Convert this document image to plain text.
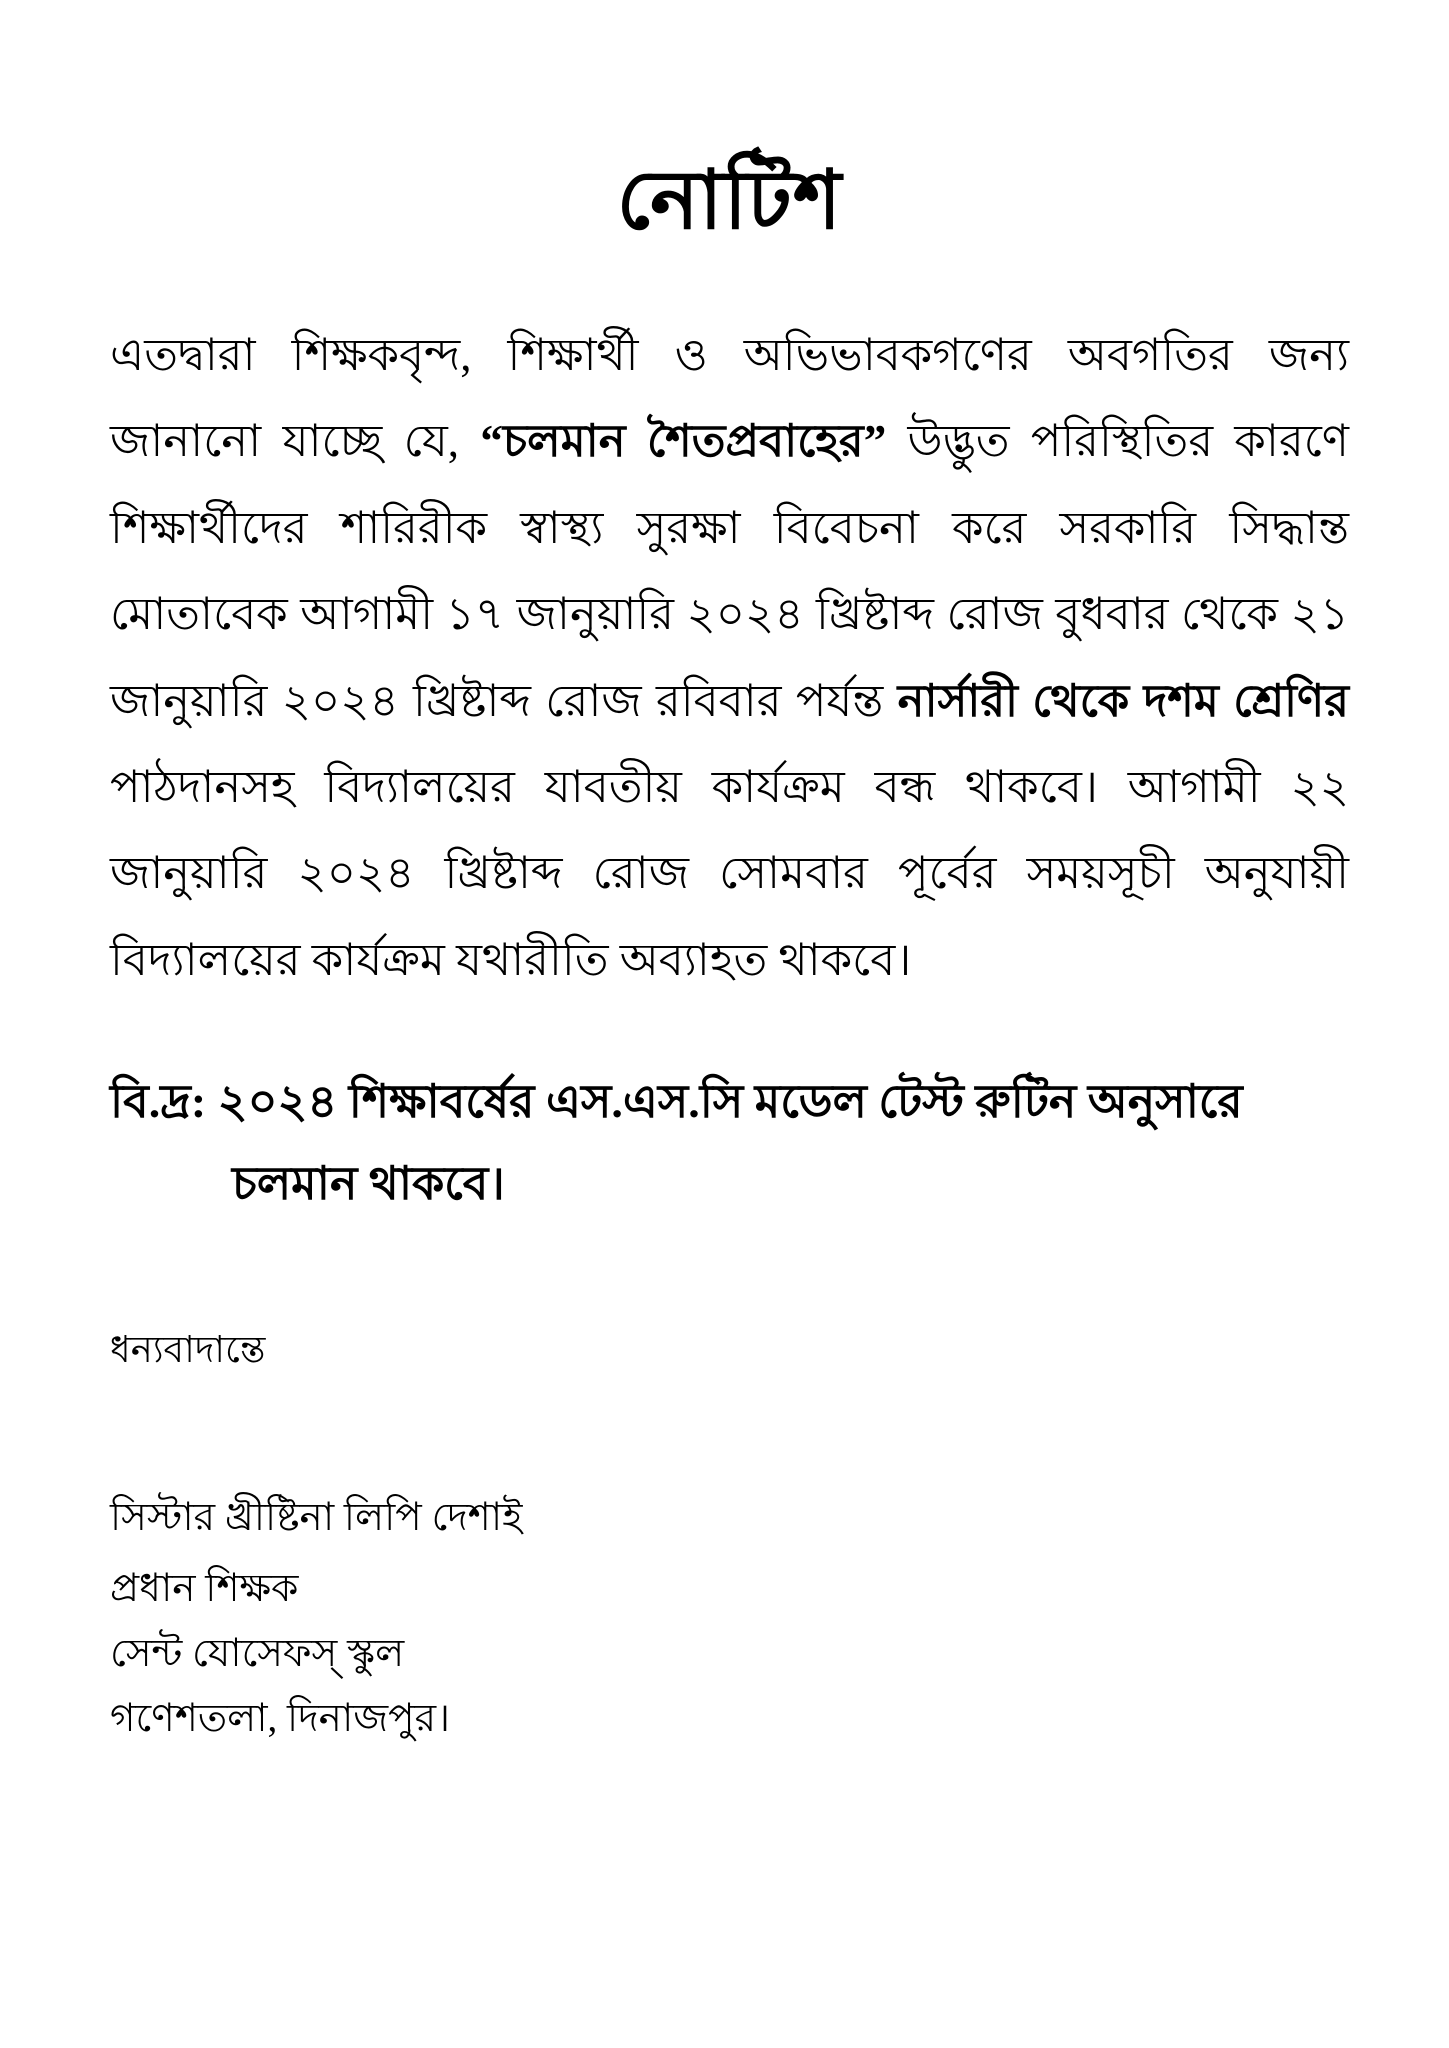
নোটিশ

এতদ্বারা শিক্ষকবৃন্দ, শিক্ষার্থী ও অভিভাবকগণের অবগতির জন্য জানানো যাচ্ছে যে, “চলমান শৈতপ্রবাহের” উদ্ভুত পরিস্থিতির কারণে শিক্ষার্থীদের শারিরীক স্বাস্থ্য সুরক্ষা বিবেচনা করে সরকারি সিদ্ধান্ত মোতাবেক আগামী ১৭ জানুয়ারি ২০২৪ খ্রিষ্টাব্দ রোজ বুধবার থেকে ২১ জানুয়ারি ২০২৪ খ্রিষ্টাব্দ রোজ রবিবার পর্যন্ত নার্সারী থেকে দশম শ্রেণির পাঠদানসহ বিদ্যালয়ের যাবতীয় কার্যক্রম বন্ধ থাকবে। আগামী ২২ জানুয়ারি ২০২৪ খ্রিষ্টাব্দ রোজ সোমবার পূর্বের সময়সূচী অনুযায়ী বিদ্যালয়ের কার্যক্রম যথারীতি অব্যাহত থাকবে।

বি.দ্র: ২০২৪ শিক্ষাবর্ষের এস.এস.সি মডেল টেস্ট রুটিন অনুসারে চলমান থাকবে।

ধন্যবাদান্তে

সিস্টার খ্রীষ্টিনা লিপি দেশাই
প্রধান শিক্ষক
সেন্ট যোসেফস্ স্কুল
গণেশতলা, দিনাজপুর।
